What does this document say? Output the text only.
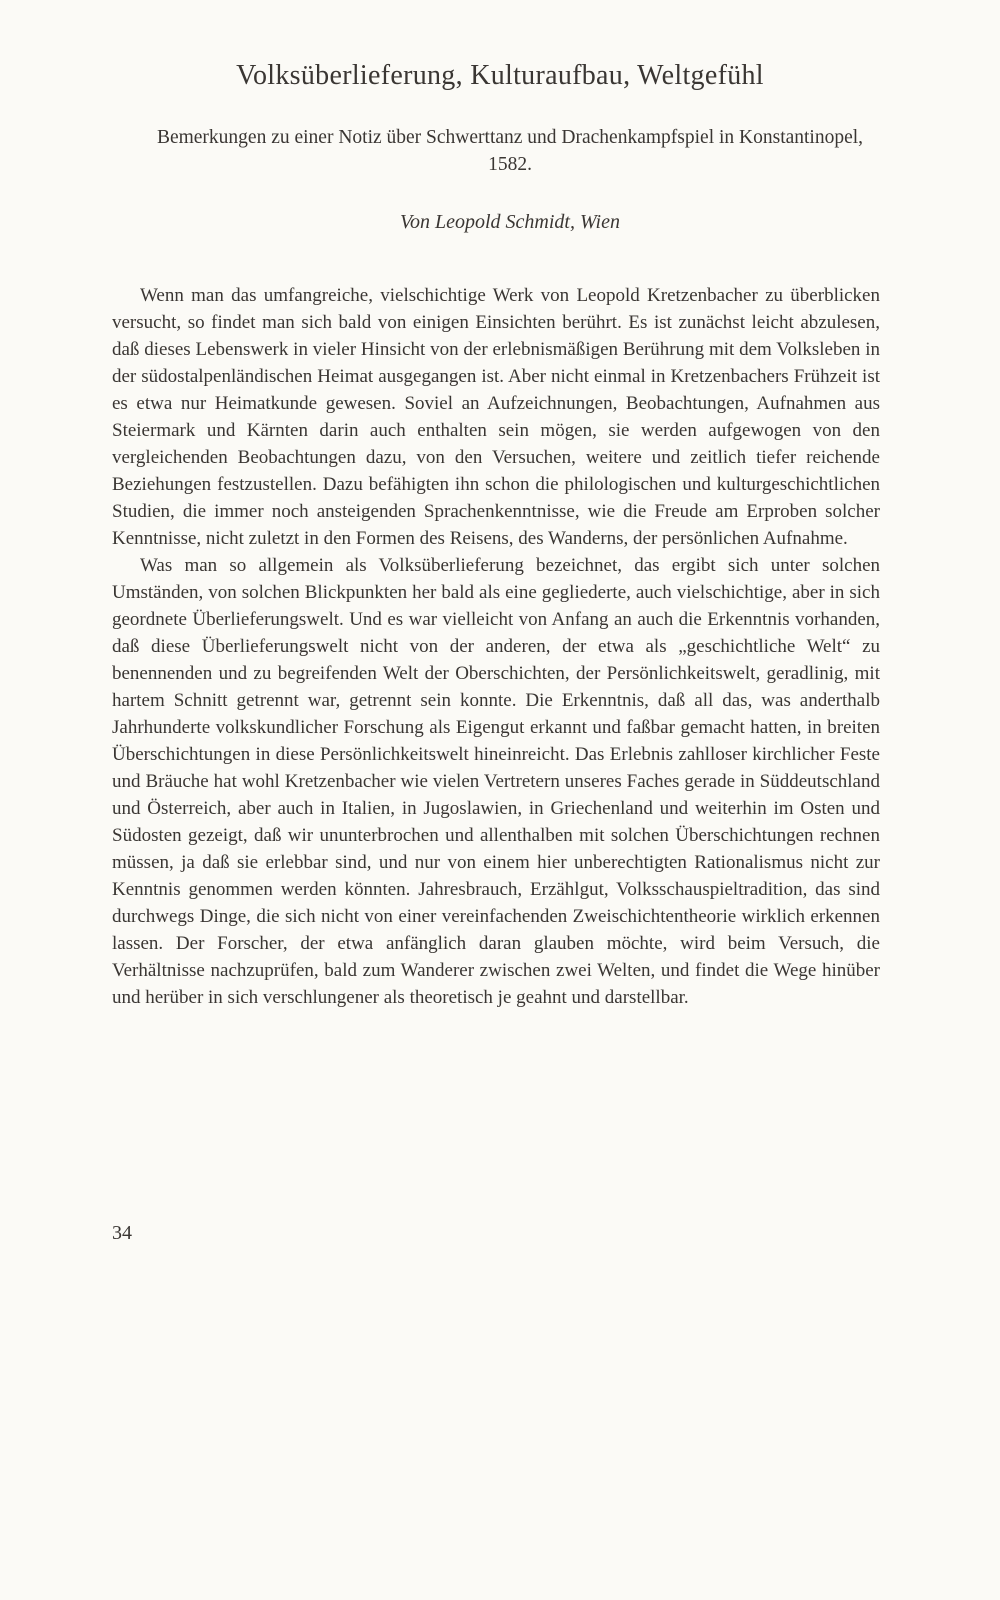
Volksüberlieferung, Kulturaufbau, Weltgefühl

Bemerkungen zu einer Notiz über Schwerttanz und Drachenkampfspiel in Konstantinopel, 1582.

Von Leopold Schmidt, Wien

Wenn man das umfangreiche, vielschichtige Werk von Leopold Kretzenbacher zu überblicken versucht, so findet man sich bald von einigen Einsichten berührt. Es ist zunächst leicht abzulesen, daß dieses Lebenswerk in vieler Hinsicht von der erlebnismäßigen Berührung mit dem Volksleben in der südostalpenländischen Heimat ausgegangen ist. Aber nicht einmal in Kretzenbachers Frühzeit ist es etwa nur Heimatkunde gewesen. Soviel an Aufzeichnungen, Beobachtungen, Aufnahmen aus Steiermark und Kärnten darin auch enthalten sein mögen, sie werden aufgewogen von den vergleichenden Beobachtungen dazu, von den Versuchen, weitere und zeitlich tiefer reichende Beziehungen festzustellen. Dazu befähigten ihn schon die philologischen und kulturgeschichtlichen Studien, die immer noch ansteigenden Sprachenkenntnisse, wie die Freude am Erproben solcher Kenntnisse, nicht zuletzt in den Formen des Reisens, des Wanderns, der persönlichen Aufnahme.

Was man so allgemein als Volksüberlieferung bezeichnet, das ergibt sich unter solchen Umständen, von solchen Blickpunkten her bald als eine gegliederte, auch vielschichtige, aber in sich geordnete Überlieferungswelt. Und es war vielleicht von Anfang an auch die Erkenntnis vorhanden, daß diese Überlieferungswelt nicht von der anderen, der etwa als „geschichtliche Welt“ zu benennenden und zu begreifenden Welt der Oberschichten, der Persönlichkeitswelt, geradlinig, mit hartem Schnitt getrennt war, getrennt sein konnte. Die Erkenntnis, daß all das, was anderthalb Jahrhunderte volkskundlicher Forschung als Eigengut erkannt und faßbar gemacht hatten, in breiten Überschichtungen in diese Persönlichkeitswelt hineinreicht. Das Erlebnis zahlloser kirchlicher Feste und Bräuche hat wohl Kretzenbacher wie vielen Vertretern unseres Faches gerade in Süddeutschland und Österreich, aber auch in Italien, in Jugoslawien, in Griechenland und weiterhin im Osten und Südosten gezeigt, daß wir ununterbrochen und allenthalben mit solchen Überschichtungen rechnen müssen, ja daß sie erlebbar sind, und nur von einem hier unberechtigten Rationalismus nicht zur Kenntnis genommen werden könnten. Jahresbrauch, Erzählgut, Volksschauspieltradition, das sind durchwegs Dinge, die sich nicht von einer vereinfachenden Zweischichtentheorie wirklich erkennen lassen. Der Forscher, der etwa anfänglich daran glauben möchte, wird beim Versuch, die Verhältnisse nachzuprüfen, bald zum Wanderer zwischen zwei Welten, und findet die Wege hinüber und herüber in sich verschlungener als theoretisch je geahnt und darstellbar.

34
